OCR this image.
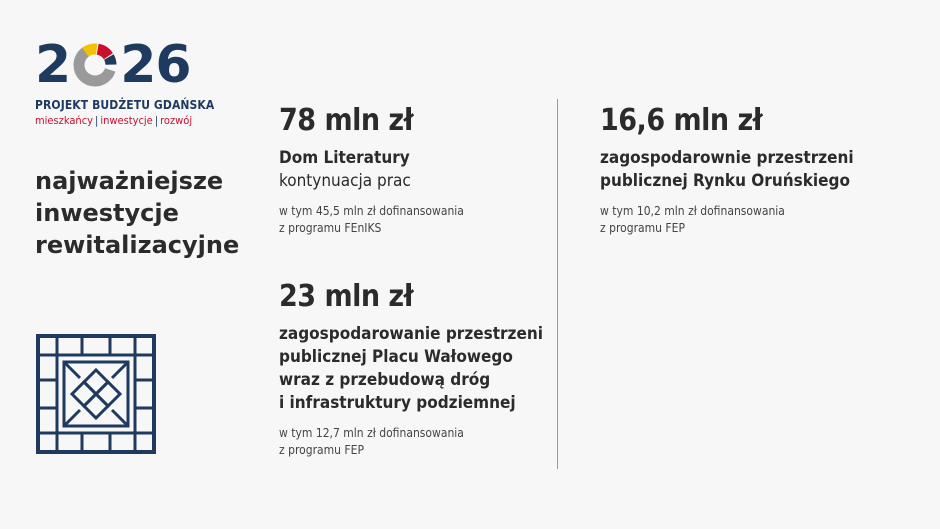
2 26
PROJEKT BUDŻETU GDAŃSKA
mieszkańcy | inwestycje | rozwój
najważniejsze
inwestycje
rewitalizacyjne
78 mln zł
Dom Literatury
kontynuacja prac
w tym 45,5 mln zł dofinansowania
z programu FEnIKS
23 mln zł
zagospodarowanie przestrzeni
publicznej Placu Wałowego
wraz z przebudową dróg
i infrastruktury podziemnej
w tym 12,7 mln zł dofinansowania
z programu FEP
16,6 mln zł
zagospodarownie przestrzeni
publicznej Rynku Oruńskiego
w tym 10,2 mln zł dofinansowania
z programu FEP
